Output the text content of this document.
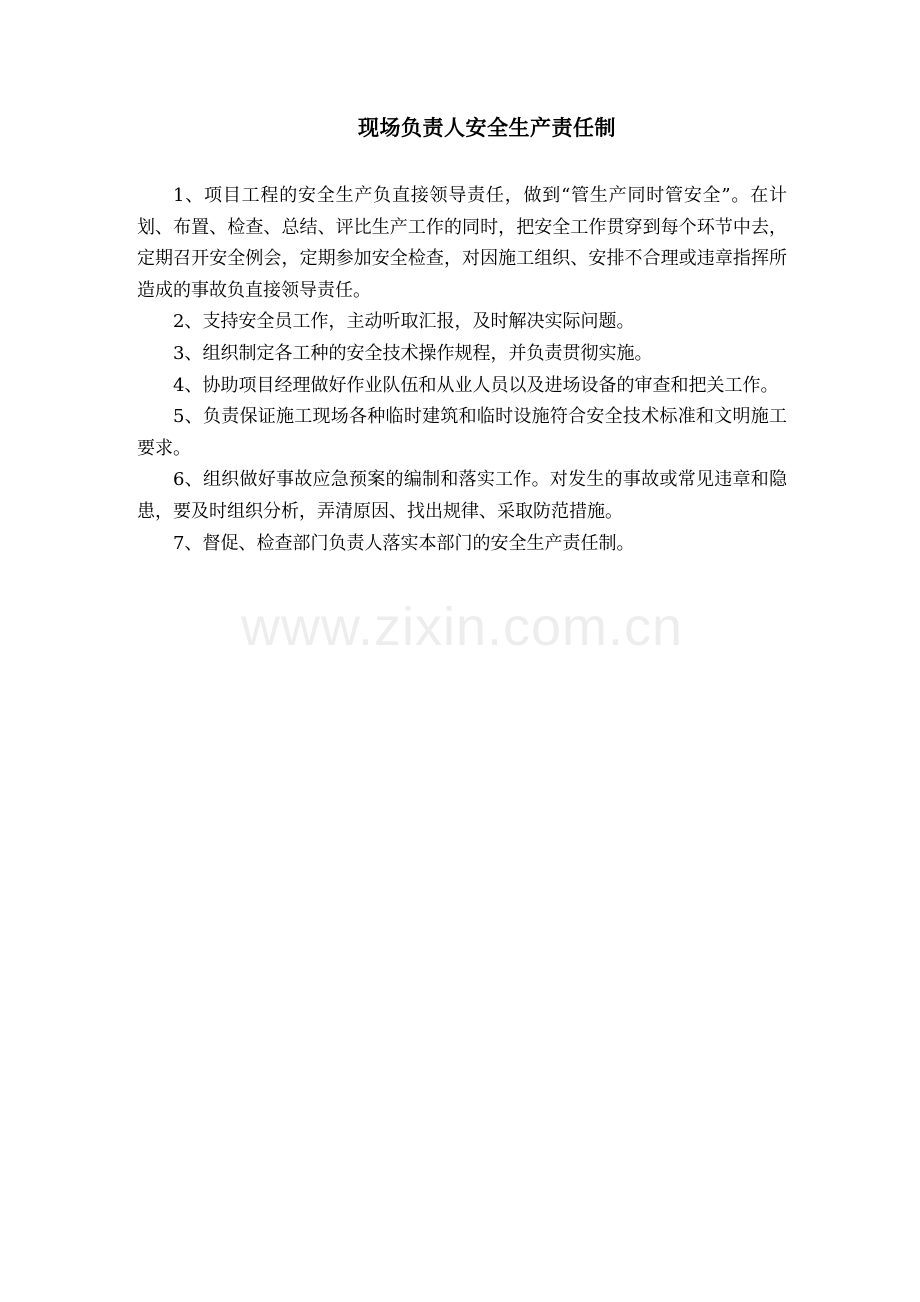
现场负责人安全生产责任制

1、项目工程的安全生产负直接领导责任，做到“管生产同时管安全”。在计划、布置、检查、总结、评比生产工作的同时，把安全工作贯穿到每个环节中去，定期召开安全例会，定期参加安全检查，对因施工组织、安排不合理或违章指挥所造成的事故负直接领导责任。

2、支持安全员工作，主动听取汇报，及时解决实际问题。

3、组织制定各工种的安全技术操作规程，并负责贯彻实施。

4、协助项目经理做好作业队伍和从业人员以及进场设备的审查和把关工作。

5、负责保证施工现场各种临时建筑和临时设施符合安全技术标准和文明施工要求。

6、组织做好事故应急预案的编制和落实工作。对发生的事故或常见违章和隐患，要及时组织分析，弄清原因、找出规律、采取防范措施。

7、督促、检查部门负责人落实本部门的安全生产责任制。

www.zixin.com.cn
